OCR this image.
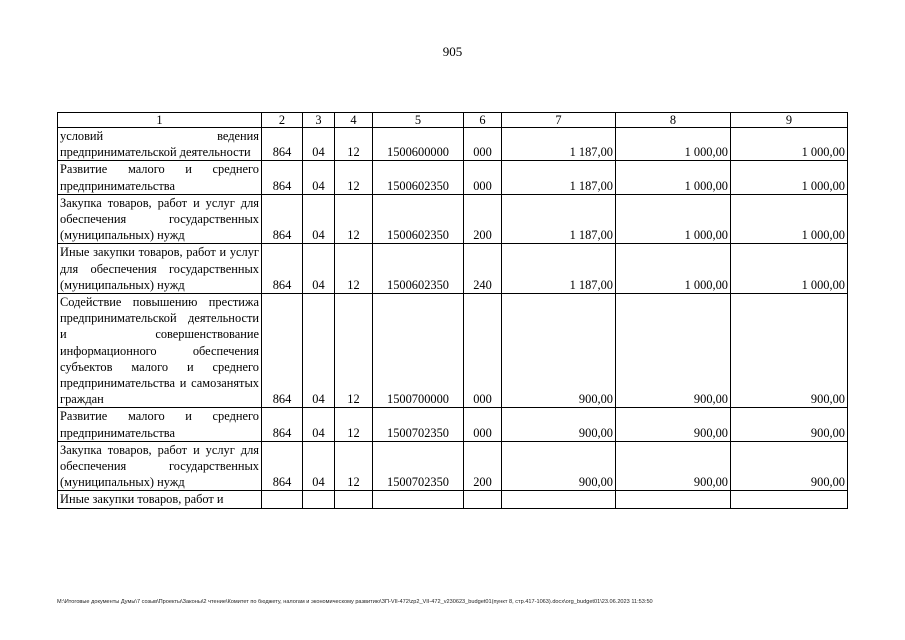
905
1	2	3	4	5	6	7	8	9
условий ведения предпринимательской деятельности	864	04	12	1500600000	000	1 187,00	1 000,00	1 000,00
Развитие малого и среднего предпринимательства	864	04	12	1500602350	000	1 187,00	1 000,00	1 000,00
Закупка товаров, работ и услуг для обеспечения государственных (муниципальных) нужд	864	04	12	1500602350	200	1 187,00	1 000,00	1 000,00
Иные закупки товаров, работ и услуг для обеспечения государственных (муниципальных) нужд	864	04	12	1500602350	240	1 187,00	1 000,00	1 000,00
Содействие повышению престижа предпринимательской деятельности и совершенствование информационного обеспечения субъектов малого и среднего предпринимательства и самозанятых граждан	864	04	12	1500700000	000	900,00	900,00	900,00
Развитие малого и среднего предпринимательства	864	04	12	1500702350	000	900,00	900,00	900,00
Закупка товаров, работ и услуг для обеспечения государственных (муниципальных) нужд	864	04	12	1500702350	200	900,00	900,00	900,00
Иные закупки товаров, работ и								
M:\Итоговые документы Думы\7 созыв\Проекты\Законы\2 чтение\Комитет по бюджету, налогам и экономическому развитию\ЗП-VII-472\zp2_VII-472_v230623_budget01(пункт 8, стр.417-1063).docx\org_budget01\23.06.2023 11:53:50
